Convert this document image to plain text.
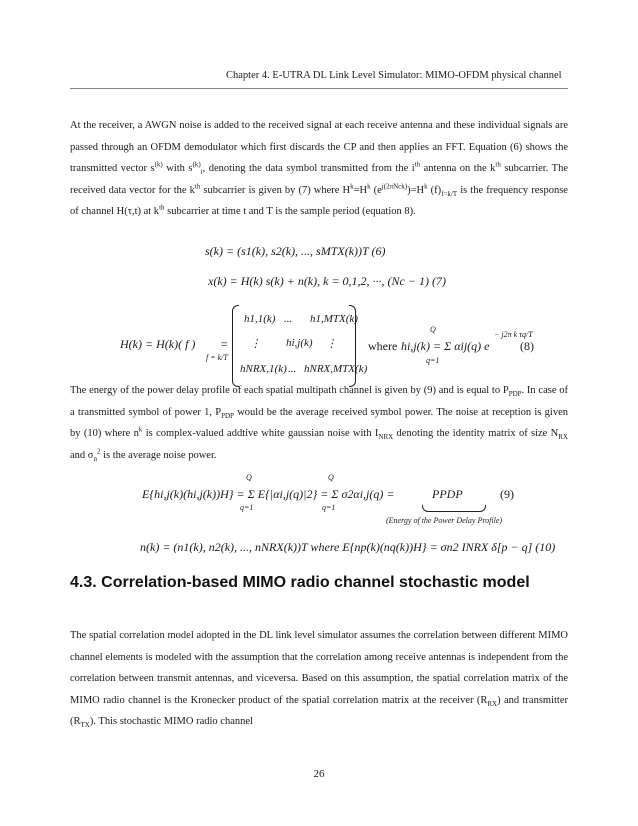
Chapter 4. E-UTRA DL Link Level Simulator: MIMO-OFDM physical channel
At the receiver, a AWGN noise is added to the received signal at each receive antenna and these individual signals are passed through an OFDM demodulator which first discards the CP and then applies an FFT. Equation (6) shows the transmitted vector $s^{(k)}$ with $s^{(k)}_i$, denoting the data symbol transmitted from the $i^{th}$ antenna on the $k^{th}$ subcarrier. The received data vector for the $k^{th}$ subcarrier is given by (7) where $H^k=H^k$ $(e^{j(2\pi Nck)})=H^k$ $(f)_{f=k/T}$ is the frequency response of channel H(τ,t) at $k^{th}$ subcarrier at time t and T is the sample period (equation 8).
s(k) = (s1(k), s2(k), ..., sMTX(k))T (6)
x(k) = H(k) s(k) + n(k), k = 0,1,2, ···, (Nc − 1) (7)
H(k) = H(k)( f )
f = k/T
=
h1,1(k) ... h1,MTX(k)
⋮ hi,j(k) ⋮
hNRX,1(k) ... hNRX,MTX(k)
where hi,j(k) = Σ αij(q) e
Q
q=1
− j2π k τq/T
(8)
The energy of the power delay profile of each spatial multipath channel is given by (9) and is equal to $P_{PDP}$. In case of a transmitted symbol of power 1, $P_{PDP}$ would be the average received symbol power. The noise at reception is given by (10) where $n^k$ is complex-valued addtive white gaussian noise with $I_{NRX}$ denoting the identity matrix of size $N_{RX}$ and $\sigma_n^2$ is the average noise power.
E{hi,j(k)(hi,j(k))H} = Σ E{|αi,j(q)|2} = Σ σ2αi,j(q) =
Q
q=1
Q
q=1
PPDP
(Energy of the Power Delay Profile)
(9)
n(k) = (n1(k), n2(k), ..., nNRX(k))T where E{np(k)(nq(k))H} = σn2 INRX δ[p − q] (10)
4.3. Correlation-based MIMO radio channel stochastic model
The spatial correlation model adopted in the DL link level simulator assumes the correlation between different MIMO channel elements is modeled with the assumption that the correlation among receive antennas is independent from the correlation between transmit antennas, and viceversa. Based on this assumption, the spatial correlation matrix of the MIMO radio channel is the Kronecker product of the spatial correlation matrix at the receiver $(R_{RX})$ and transmitter $(R_{TX})$. This stochastic MIMO radio channel
26
